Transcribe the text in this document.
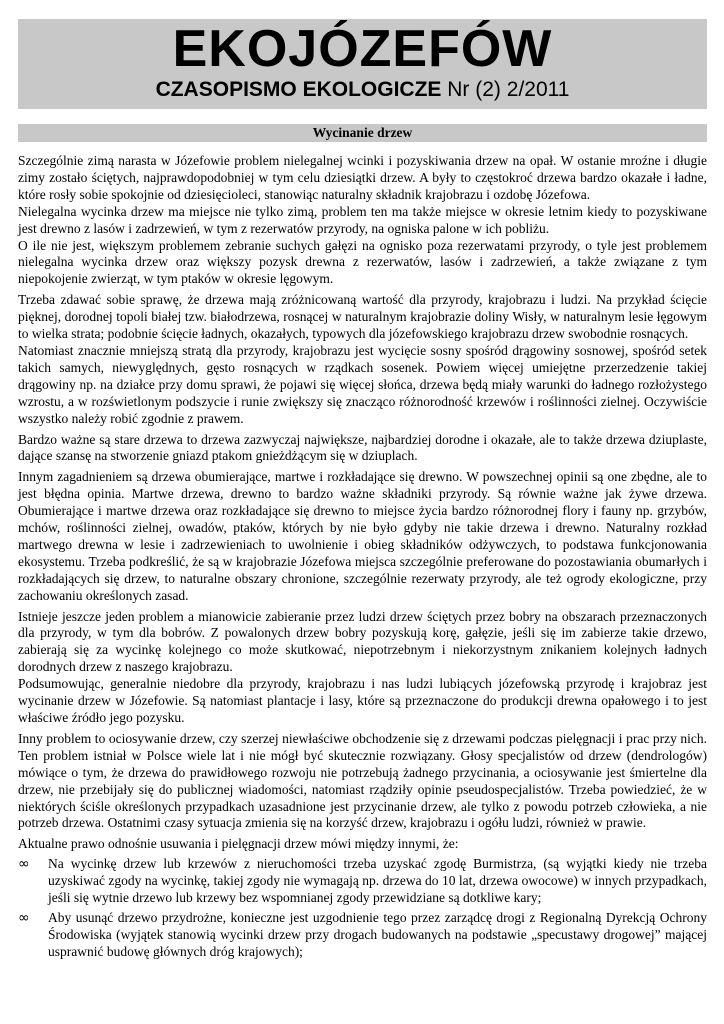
EKOJÓZEFÓW
CZASOPISMO EKOLOGICZE Nr (2) 2/2011
Wycinanie drzew

Szczególnie zimą narasta w Józefowie problem nielegalnej wcinki i pozyskiwania drzew na opał. W ostanie mroźne i długie zimy zostało ściętych, najprawdopodobniej w tym celu dziesiątki drzew. A były to częstokroć drzewa bardzo okazałe i ładne, które rosły sobie spokojnie od dziesięcioleci, stanowiąc naturalny składnik krajobrazu i ozdobę Józefowa.

Nielegalna wycinka drzew ma miejsce nie tylko zimą, problem ten ma także miejsce w okresie letnim kiedy to pozyskiwane jest drewno z lasów i zadrzewień, w tym z rezerwatów przyrody, na ogniska palone w ich pobliżu.

O ile nie jest, większym problemem zebranie suchych gałęzi na ognisko poza rezerwatami przyrody, o tyle jest problemem nielegalna wycinka drzew oraz większy pozysk drewna z rezerwatów, lasów i zadrzewień, a także związane z tym niepokojenie zwierząt, w tym ptaków w okresie lęgowym.

Trzeba zdawać sobie sprawę, że drzewa mają zróżnicowaną wartość dla przyrody, krajobrazu i ludzi. Na przykład ścięcie pięknej, dorodnej topoli białej tzw. białodrzewa, rosnącej w naturalnym krajobrazie doliny Wisły, w naturalnym lesie łęgowym to wielka strata; podobnie ścięcie ładnych, okazałych, typowych dla józefowskiego krajobrazu drzew swobodnie rosnących.

Natomiast znacznie mniejszą stratą dla przyrody, krajobrazu jest wycięcie sosny spośród drągowiny sosnowej, spośród setek takich samych, niewyględnych, gęsto rosnących w rządkach sosenek. Powiem więcej umiejętne przerzedzenie takiej drągowiny np. na działce przy domu sprawi, że pojawi się więcej słońca, drzewa będą miały warunki do ładnego rozłożystego wzrostu, a w rozświetlonym podszycie i runie zwiększy się znacząco różnorodność krzewów i roślinności zielnej. Oczywiście wszystko należy robić zgodnie z prawem.

Bardzo ważne są stare drzewa to drzewa zazwyczaj największe, najbardziej dorodne i okazałe, ale to także drzewa dziuplaste, dające szansę na stworzenie gniazd ptakom gnieżdżącym się w dziuplach.

Innym zagadnieniem są drzewa obumierające, martwe i rozkładające się drewno. W powszechnej opinii są one zbędne, ale to jest błędna opinia. Martwe drzewa, drewno to bardzo ważne składniki przyrody. Są równie ważne jak żywe drzewa. Obumierające i martwe drzewa oraz rozkładające się drewno to miejsce życia bardzo różnorodnej flory i fauny np. grzybów, mchów, roślinności zielnej, owadów, ptaków, których by nie było gdyby nie takie drzewa i drewno. Naturalny rozkład martwego drewna w lesie i zadrzewieniach to uwolnienie i obieg składników odżywczych, to podstawa funkcjonowania ekosystemu. Trzeba podkreślić, że są w krajobrazie Józefowa miejsca szczególnie preferowane do pozostawiania obumarłych i rozkładających się drzew, to naturalne obszary chronione, szczególnie rezerwaty przyrody, ale też ogrody ekologiczne, przy zachowaniu określonych zasad.

Istnieje jeszcze jeden problem a mianowicie zabieranie przez ludzi drzew ściętych przez bobry na obszarach przeznaczonych dla przyrody, w tym dla bobrów. Z powalonych drzew bobry pozyskują korę, gałęzie, jeśli się im zabierze takie drzewo, zabierają się za wycinkę kolejnego co może skutkować, niepotrzebnym i niekorzystnym znikaniem kolejnych ładnych dorodnych drzew z naszego krajobrazu.

Podsumowując, generalnie niedobre dla przyrody, krajobrazu i nas ludzi lubiących józefowską przyrodę i krajobraz jest wycinanie drzew w Józefowie. Są natomiast plantacje i lasy, które są przeznaczone do produkcji drewna opałowego i to jest właściwe źródło jego pozysku.

Inny problem to ociosywanie drzew, czy szerzej niewłaściwe obchodzenie się z drzewami podczas pielęgnacji i prac przy nich. Ten problem istniał w Polsce wiele lat i nie mógł być skutecznie rozwiązany. Głosy specjalistów od drzew (dendrologów) mówiące o tym, że drzewa do prawidłowego rozwoju nie potrzebują żadnego przycinania, a ociosywanie jest śmiertelne dla drzew, nie przebijały się do publicznej wiadomości, natomiast rządziły opinie pseudospecjalistów. Trzeba powiedzieć, że w niektórych ściśle określonych przypadkach uzasadnione jest przycinanie drzew, ale tylko z powodu potrzeb człowieka, a nie potrzeb drzewa. Ostatnimi czasy sytuacja zmienia się na korzyść drzew, krajobrazu i ogółu ludzi, również w prawie.

Aktualne prawo odnośnie usuwania i pielęgnacji drzew mówi między innymi, że:

∞ Na wycinkę drzew lub krzewów z nieruchomości trzeba uzyskać zgodę Burmistrza, (są wyjątki kiedy nie trzeba uzyskiwać zgody na wycinkę, takiej zgody nie wymagają np. drzewa do 10 lat, drzewa owocowe) w innych przypadkach, jeśli się wytnie drzewo lub krzewy bez wspomnianej zgody przewidziane są dotkliwe kary;
∞ Aby usunąć drzewo przydrożne, konieczne jest uzgodnienie tego przez zarządcę drogi z Regionalną Dyrekcją Ochrony Środowiska (wyjątek stanowią wycinki drzew przy drogach budowanych na podstawie „specustawy drogowej” mającej usprawnić budowę głównych dróg krajowych);
